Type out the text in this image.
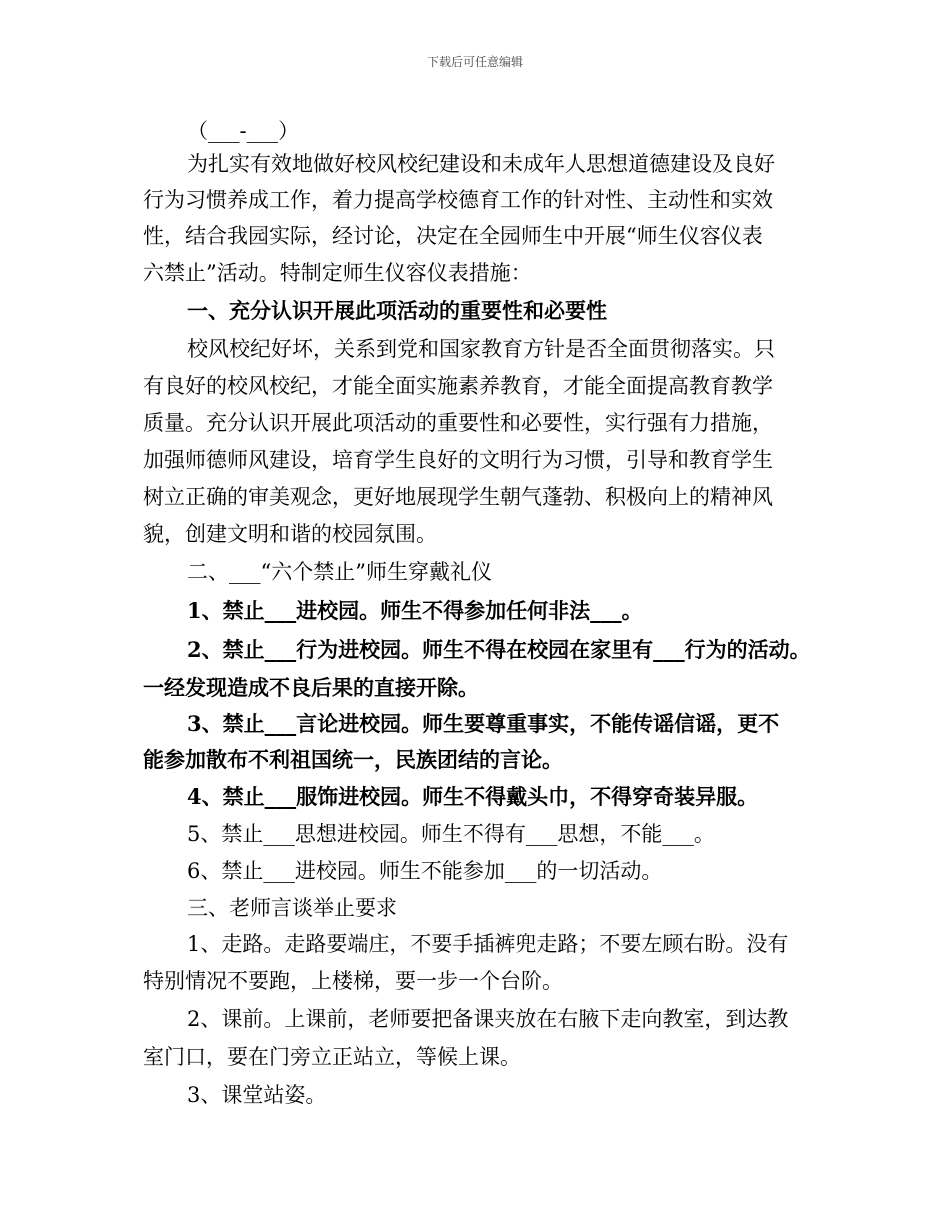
下载后可任意编辑
（___-___）
为扎实有效地做好校风校纪建设和未成年人思想道德建设及良好
行为习惯养成工作，着力提高学校德育工作的针对性、主动性和实效
性，结合我园实际，经讨论，决定在全园师生中开展“师生仪容仪表
六禁止”活动。特制定师生仪容仪表措施：
一、充分认识开展此项活动的重要性和必要性
校风校纪好坏，关系到党和国家教育方针是否全面贯彻落实。只
有良好的校风校纪，才能全面实施素养教育，才能全面提高教育教学
质量。充分认识开展此项活动的重要性和必要性，实行强有力措施，
加强师德师风建设，培育学生良好的文明行为习惯，引导和教育学生
树立正确的审美观念，更好地展现学生朝气蓬勃、积极向上的精神风
貌，创建文明和谐的校园氛围。
二、___“六个禁止”师生穿戴礼仪
1、禁止___进校园。师生不得参加任何非法___。
2、禁止___行为进校园。师生不得在校园在家里有___行为的活动。
一经发现造成不良后果的直接开除。
3、禁止___言论进校园。师生要尊重事实，不能传谣信谣，更不
能参加散布不利祖国统一，民族团结的言论。
4、禁止___服饰进校园。师生不得戴头巾，不得穿奇装异服。
5、禁止___思想进校园。师生不得有___思想，不能___。
6、禁止___进校园。师生不能参加___的一切活动。
三、老师言谈举止要求
1、走路。走路要端庄，不要手插裤兜走路；不要左顾右盼。没有
特别情况不要跑，上楼梯，要一步一个台阶。
2、课前。上课前，老师要把备课夹放在右腋下走向教室，到达教
室门口，要在门旁立正站立，等候上课。
3、课堂站姿。
